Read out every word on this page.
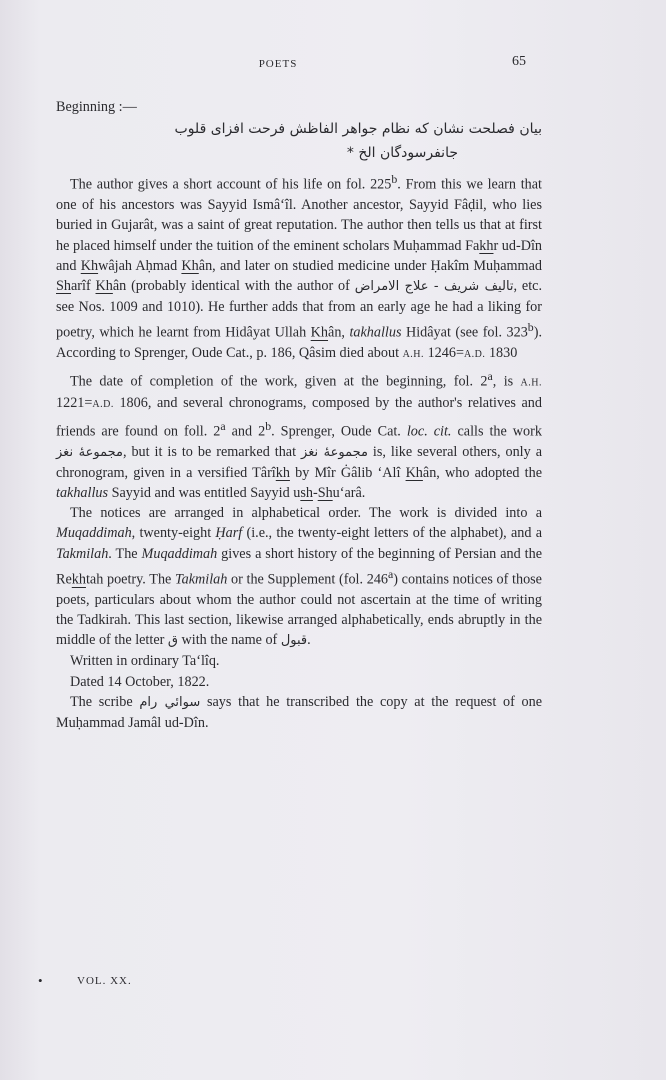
POETS	65

Beginning :—

بیان فصلحت نشان که نظام جواهر الفاظش فرحت افزای قلوب
جانفرسودگان الخ *

The author gives a short account of his life on fol. 225$^b$. From this we learn that one of his ancestors was Sayyid Ismâ‘îl. Another ancestor, Sayyid Fâḍil, who lies buried in Gujarât, was a saint of great reputation. The author then tells us that at first he placed himself under the tuition of the eminent scholars Muḥammad Fakhr ud-Dîn and Khwâjah Aḥmad Khân, and later on studied medicine under Ḥakîm Muḥammad Sharîf Khân (probably identical with the author of تالیف شریف - علاج الامراض, etc. see Nos. 1009 and 1010). He further adds that from an early age he had a liking for poetry, which he learnt from Hidâyat Ullah Khân, takhallus Hidâyat (see fol. 323$^b$). According to Sprenger, Oude Cat., p. 186, Qâsim died about A.H. 1246=A.D. 1830

The date of completion of the work, given at the beginning, fol. 2$^a$, is A.H. 1221=A.D. 1806, and several chronograms, composed by the author's relatives and friends are found on foll. 2$^a$ and 2$^b$. Sprenger, Oude Cat. loc. cit. calls the work مجموعهٔ نغز, but it is to be remarked that مجموعهٔ نغز is, like several others, only a chronogram, given in a versified Târîkh by Mîr Ġâlib ‘Alî Khân, who adopted the takhallus Sayyid and was entitled Sayyid ush-Shu‘arâ.

The notices are arranged in alphabetical order. The work is divided into a Muqaddimah, twenty-eight Ḥarf (i.e., the twenty-eight letters of the alphabet), and a Takmilah. The Muqaddimah gives a short history of the beginning of Persian and the Rekhtah poetry. The Takmilah or the Supplement (fol. 246$^a$) contains notices of those poets, particulars about whom the author could not ascertain at the time of writing the Tadkirah. This last section, likewise arranged alphabetically, ends abruptly in the middle of the letter ق with the name of قبول.

Written in ordinary Ta‘lîq.

Dated 14 October, 1822.

The scribe سوائي رام says that he transcribed the copy at the request of one Muḥammad Jamâl ud-Dîn.

•	VOL. XX.
